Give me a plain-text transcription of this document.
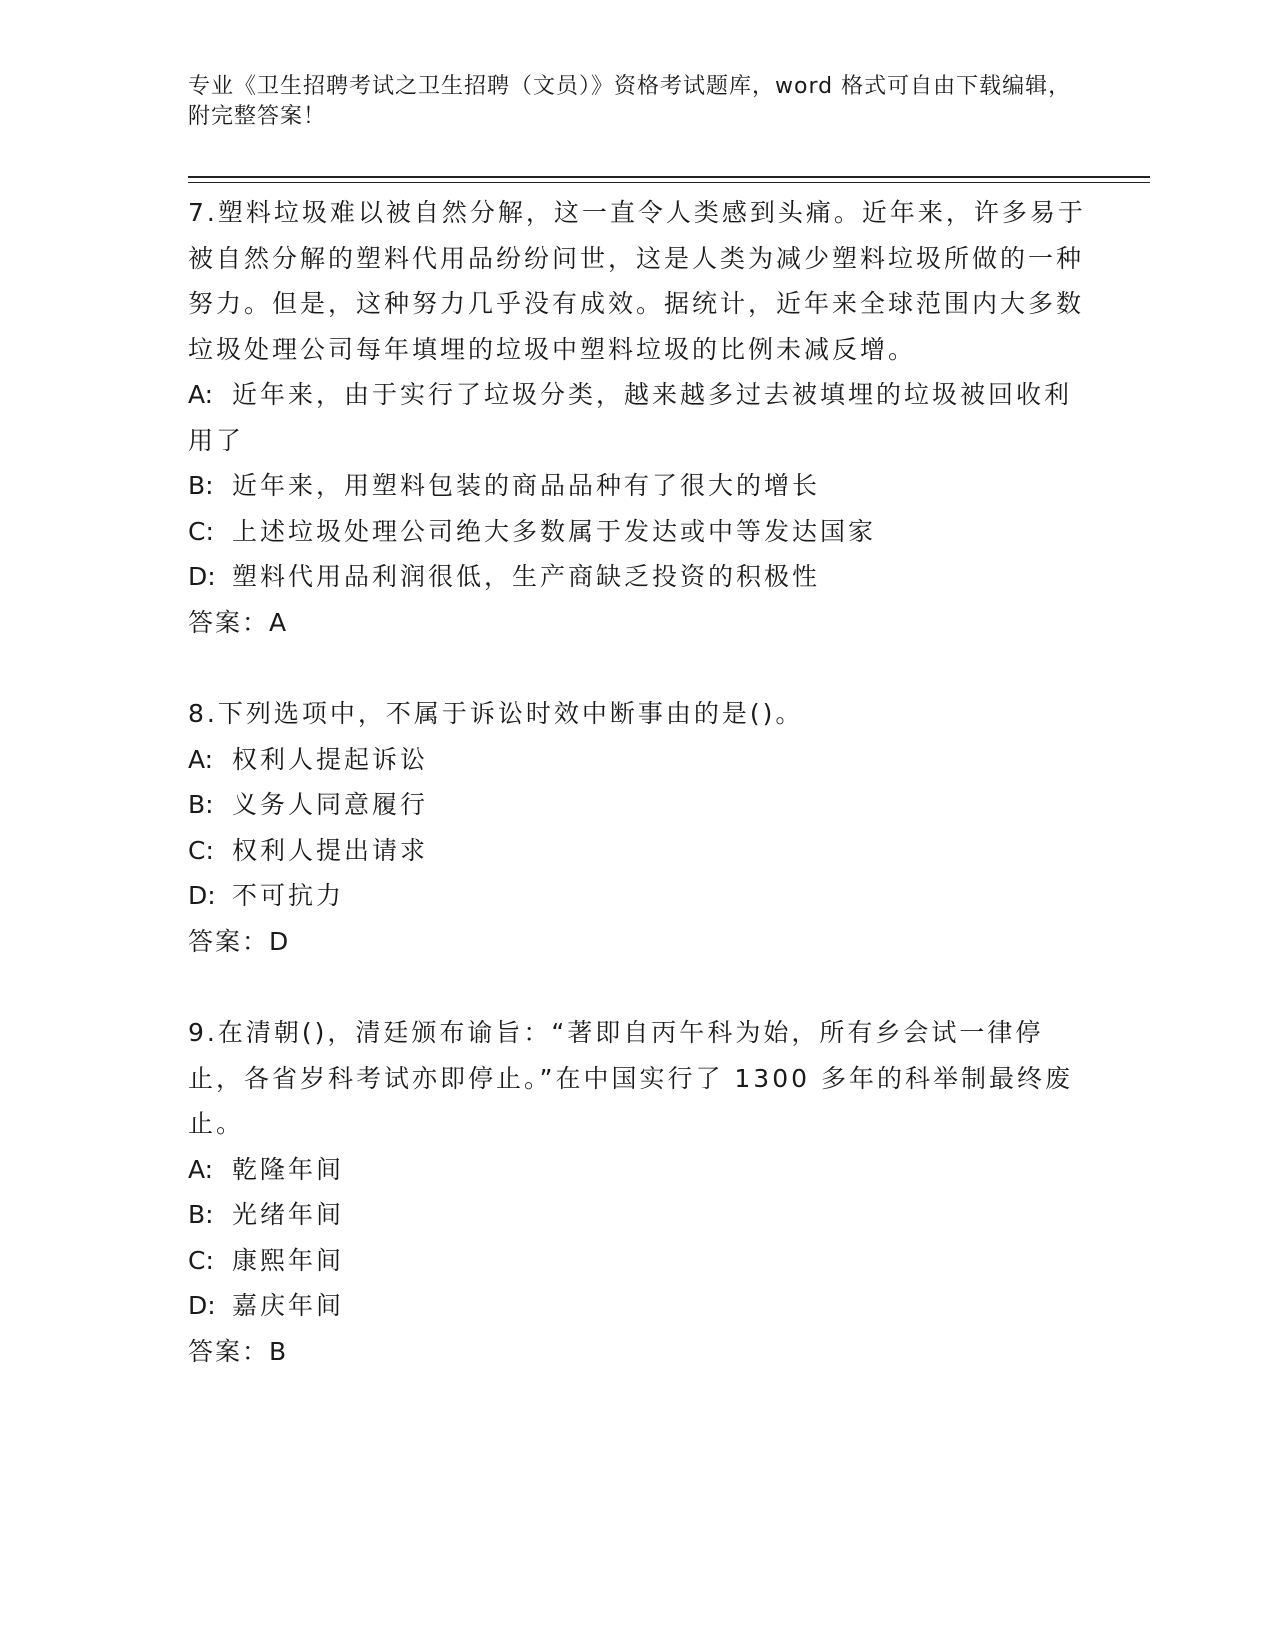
专业《卫生招聘考试之卫生招聘（文员）》资格考试题库，word 格式可自由下载编辑，附完整答案！
7.塑料垃圾难以被自然分解，这一直令人类感到头痛。近年来，许多易于被自然分解的塑料代用品纷纷问世，这是人类为减少塑料垃圾所做的一种努力。但是，这种努力几乎没有成效。据统计，近年来全球范围内大多数垃圾处理公司每年填埋的垃圾中塑料垃圾的比例未减反增。
A: 近年来，由于实行了垃圾分类，越来越多过去被填埋的垃圾被回收利用了
B: 近年来，用塑料包装的商品品种有了很大的增长
C: 上述垃圾处理公司绝大多数属于发达或中等发达国家
D: 塑料代用品利润很低，生产商缺乏投资的积极性
答案：A
8.下列选项中，不属于诉讼时效中断事由的是()。
A: 权利人提起诉讼
B: 义务人同意履行
C: 权利人提出请求
D: 不可抗力
答案：D
9.在清朝()，清廷颁布谕旨：“著即自丙午科为始，所有乡会试一律停止，各省岁科考试亦即停止。”在中国实行了 1300 多年的科举制最终废止。
A: 乾隆年间
B: 光绪年间
C: 康熙年间
D: 嘉庆年间
答案：B
